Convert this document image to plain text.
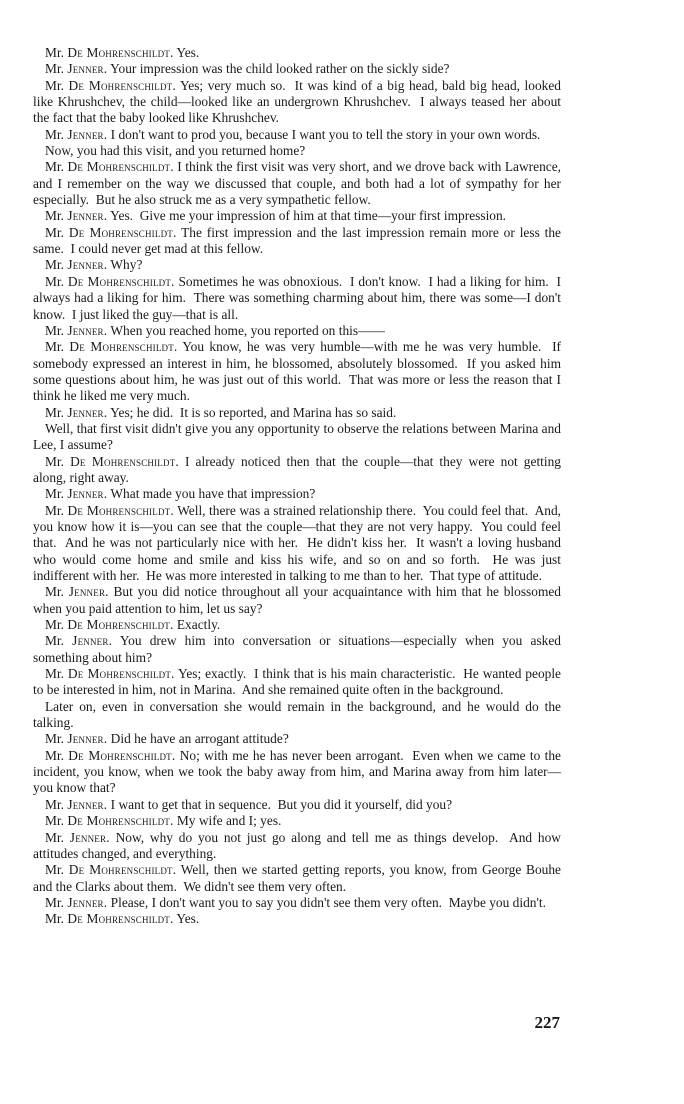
Mr. De Mohrenschildt. Yes.

Mr. Jenner. Your impression was the child looked rather on the sickly side?

Mr. De Mohrenschildt. Yes; very much so.  It was kind of a big head, bald big head, looked like Khrushchev, the child—looked like an undergrown Khrushchev.  I always teased her about the fact that the baby looked like Khrushchev.

Mr. Jenner. I don't want to prod you, because I want you to tell the story in your own words.

Now, you had this visit, and you returned home?

Mr. De Mohrenschildt. I think the first visit was very short, and we drove back with Lawrence, and I remember on the way we discussed that couple, and both had a lot of sympathy for her especially.  But he also struck me as a very sympathetic fellow.

Mr. Jenner. Yes.  Give me your impression of him at that time—your first impression.

Mr. De Mohrenschildt. The first impression and the last impression remain more or less the same.  I could never get mad at this fellow.

Mr. Jenner. Why?

Mr. De Mohrenschildt. Sometimes he was obnoxious.  I don't know.  I had a liking for him.  I always had a liking for him.  There was something charming about him, there was some—I don't know.  I just liked the guy—that is all.

Mr. Jenner. When you reached home, you reported on this——

Mr. De Mohrenschildt. You know, he was very humble—with me he was very humble.  If somebody expressed an interest in him, he blossomed, absolutely blossomed.  If you asked him some questions about him, he was just out of this world.  That was more or less the reason that I think he liked me very much.

Mr. Jenner. Yes; he did.  It is so reported, and Marina has so said.

Well, that first visit didn't give you any opportunity to observe the relations between Marina and Lee, I assume?

Mr. De Mohrenschildt. I already noticed then that the couple—that they were not getting along, right away.

Mr. Jenner. What made you have that impression?

Mr. De Mohrenschildt. Well, there was a strained relationship there.  You could feel that.  And, you know how it is—you can see that the couple—that they are not very happy.  You could feel that.  And he was not particularly nice with her.  He didn't kiss her.  It wasn't a loving husband who would come home and smile and kiss his wife, and so on and so forth.  He was just indifferent with her.  He was more interested in talking to me than to her.  That type of attitude.

Mr. Jenner. But you did notice throughout all your acquaintance with him that he blossomed when you paid attention to him, let us say?

Mr. De Mohrenschildt. Exactly.

Mr. Jenner. You drew him into conversation or situations—especially when you asked something about him?

Mr. De Mohrenschildt. Yes; exactly.  I think that is his main characteristic.  He wanted people to be interested in him, not in Marina.  And she remained quite often in the background.

Later on, even in conversation she would remain in the background, and he would do the talking.

Mr. Jenner. Did he have an arrogant attitude?

Mr. De Mohrenschildt. No; with me he has never been arrogant.  Even when we came to the incident, you know, when we took the baby away from him, and Marina away from him later—you know that?

Mr. Jenner. I want to get that in sequence.  But you did it yourself, did you?

Mr. De Mohrenschildt. My wife and I; yes.

Mr. Jenner. Now, why do you not just go along and tell me as things develop.  And how attitudes changed, and everything.

Mr. De Mohrenschildt. Well, then we started getting reports, you know, from George Bouhe and the Clarks about them.  We didn't see them very often.

Mr. Jenner. Please, I don't want you to say you didn't see them very often.  Maybe you didn't.

Mr. De Mohrenschildt. Yes.

227
